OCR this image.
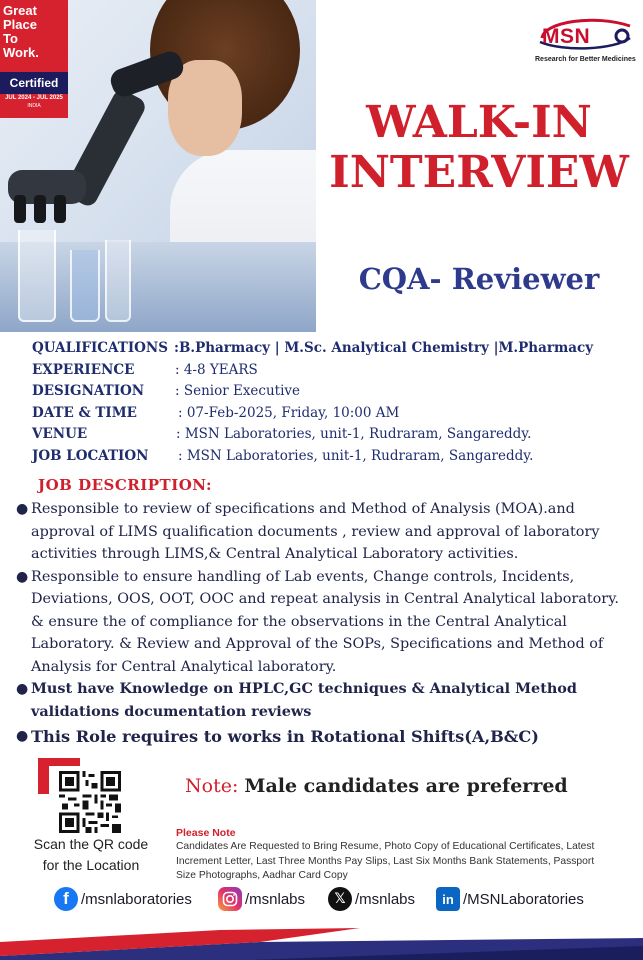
Great
Place
To
Work.
Certified
JUL 2024 - JUL 2025
INDIA
MSN
Research for Better Medicines
WALK-IN
INTERVIEW
CQA- Reviewer
QUALIFICATIONS :B.Pharmacy | M.Sc. Analytical Chemistry |M.Pharmacy
EXPERIENCE	: 4-8 YEARS
DESIGNATION : Senior Executive
DATE & TIME	: 07-Feb-2025, Friday, 10:00 AM
VENUE	: MSN Laboratories, unit-1, Rudraram, Sangareddy.
JOB LOCATION : MSN Laboratories, unit-1, Rudraram, Sangareddy.
JOB DESCRIPTION:
● Responsible to review of specifications and Method of Analysis (MOA).and approval of LIMS qualification documents , review and approval of laboratory activities through LIMS,& Central Analytical Laboratory activities.
● Responsible to ensure handling of Lab events, Change controls, Incidents, Deviations, OOS, OOT, OOC and repeat analysis in Central Analytical laboratory. & ensure the of compliance for the observations in the Central Analytical Laboratory. & Review and Approval of the SOPs, Specifications and Method of Analysis for Central Analytical laboratory.
● Must have Knowledge on HPLC,GC techniques & Analytical Method validations documentation reviews
● This Role requires to works in Rotational Shifts(A,B&C)
Scan the QR code
for the Location
Note: Male candidates are preferred
Please Note
Candidates Are Requested to Bring Resume, Photo Copy of Educational Certificates, Latest Increment Letter, Last Three Months Pay Slips, Last Six Months Bank Statements, Passport Size Photographs, Aadhar Card Copy
f /msnlaboratories	/msnlabs	𝕏 /msnlabs	in /MSNLaboratories
